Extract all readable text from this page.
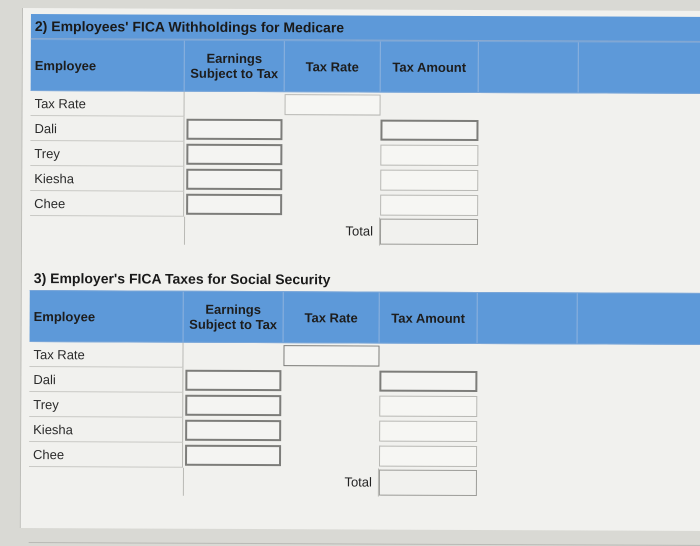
2) Employees' FICA Withholdings for Medicare
Employee	Earnings Subject to Tax	Tax Rate	Tax Amount
Tax Rate
Dali
Trey
Kiesha
Chee
Total
3) Employer's FICA Taxes for Social Security
Employee	Earnings Subject to Tax	Tax Rate	Tax Amount
Tax Rate
Dali
Trey
Kiesha
Chee
Total
